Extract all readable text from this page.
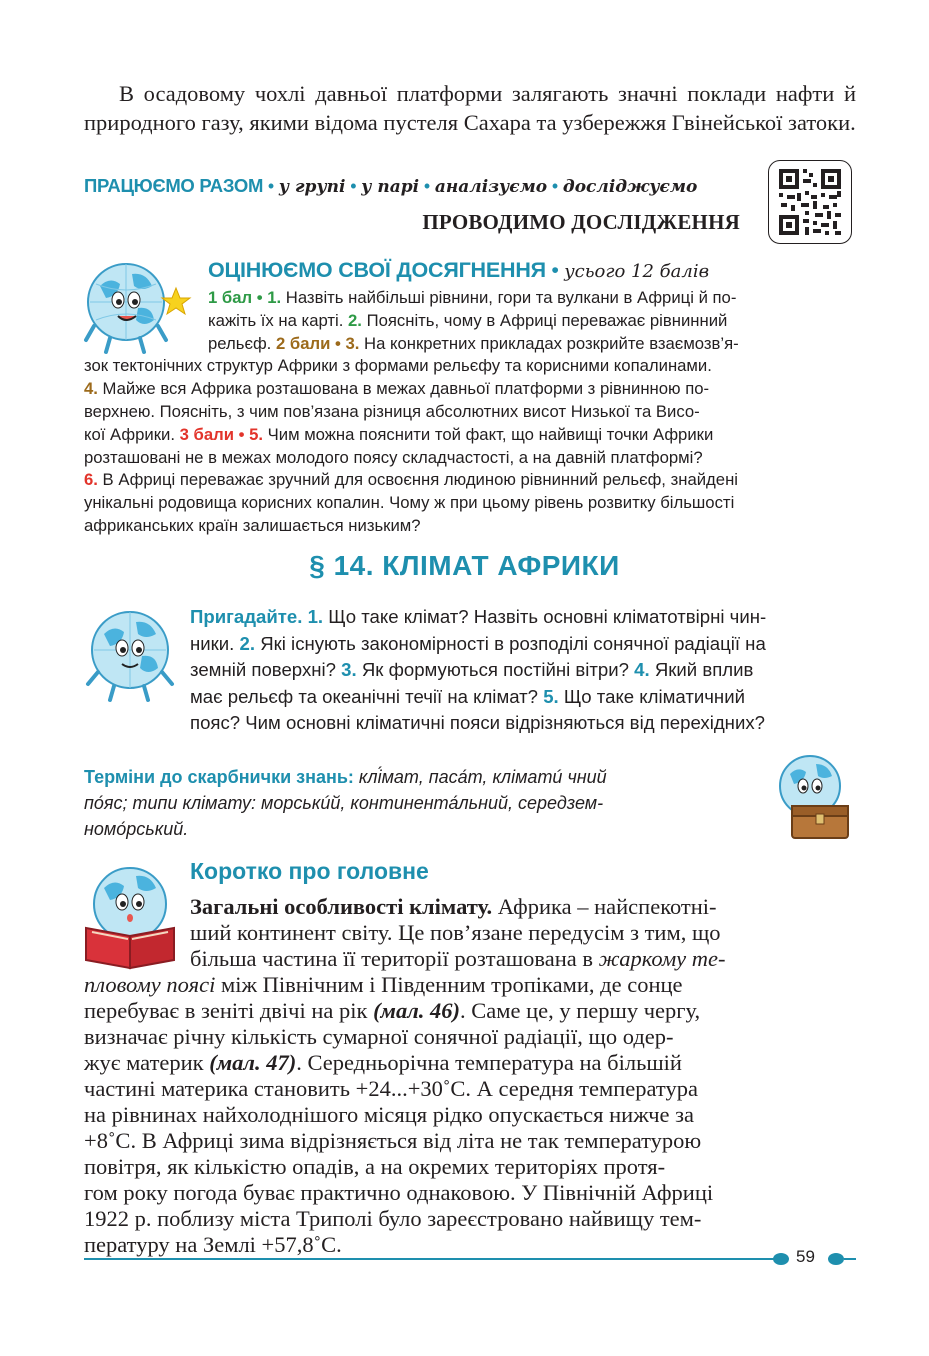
В осадовому чохлі давньої платформи залягають значні поклади нафти й природного газу, якими відома пустеля Сахара та узбережжя Гвінейської затоки.
ПРАЦЮЄМО РАЗОМ • у групі • у парі • аналізуємо • досліджуємо
ПРОВОДИМО ДОСЛІДЖЕННЯ
ОЦІНЮЄМО СВОЇ ДОСЯГНЕННЯ • усього 12 балів
1 бал • 1. Назвіть найбільші рівнини, гори та вулкани в Африці й по-
кажіть їх на карті. 2. Поясніть, чому в Африці переважає рівнинний
рельєф. 2 бали • 3. На конкретних прикладах розкрийте взаємозв’я-
зок тектонічних структур Африки з формами рельєфу та корисними копалинами.
4. Майже вся Африка розташована в межах давньої платформи з рівнинною по-
верхнею. Поясніть, з чим пов’язана різниця абсолютних висот Низької та Висо-
кої Африки. 3 бали • 5. Чим можна пояснити той факт, що найвищі точки Африки
розташовані не в межах молодого поясу складчастості, а на давній платформі?
6. В Африці переважає зручний для освоєння людиною рівнинний рельєф, знайдені
унікальні родовища корисних копалин. Чому ж при цьому рівень розвитку більшості
африканських країн залишається низьким?
§ 14. КЛІМАТ АФРИКИ
Пригадайте. 1. Що таке клімат? Назвіть основні кліматотвірні чин-
ники. 2. Які існують закономірності в розподілі сонячної радіації на
земній поверхні? 3. Як формуються постійні вітри? 4. Який вплив
має рельєф та океанічні течії на клімат? 5. Що таке кліматичний
пояс? Чим основні кліматичні пояси відрізняються від перехідних?
Терміни до скарбнички знань: клі́мат, паса́т, кліматú чний
по́яс; типи клімату: морськúй, континента́льний, середзем-
номо́рський.
Коротко про головне
Загальні особливості клімату. Африка – найспекотні-
ший континент світу. Це пов’язане передусім з тим, що
більша частина її території розташована в жаркому те-
пловому поясі між Північним і Південним тропіками, де сонце
перебуває в зеніті двічі на рік (мал. 46). Саме це, у першу чергу,
визначає річну кількість сумарної сонячної радіації, що одер-
жує материк (мал. 47). Середньорічна температура на більшій
частині материка становить +24...+30˚С. А середня температура
на рівнинах найхолоднішого місяця рідко опускається нижче за
+8˚С. В Африці зима відрізняється від літа не так температурою
повітря, як кількістю опадів, а на окремих територіях протя-
гом року погода буває практично однаковою. У Північній Африці
1922 р. поблизу міста Триполі було зареєстровано найвищу тем-
пературу на Землі +57,8˚С.	59
